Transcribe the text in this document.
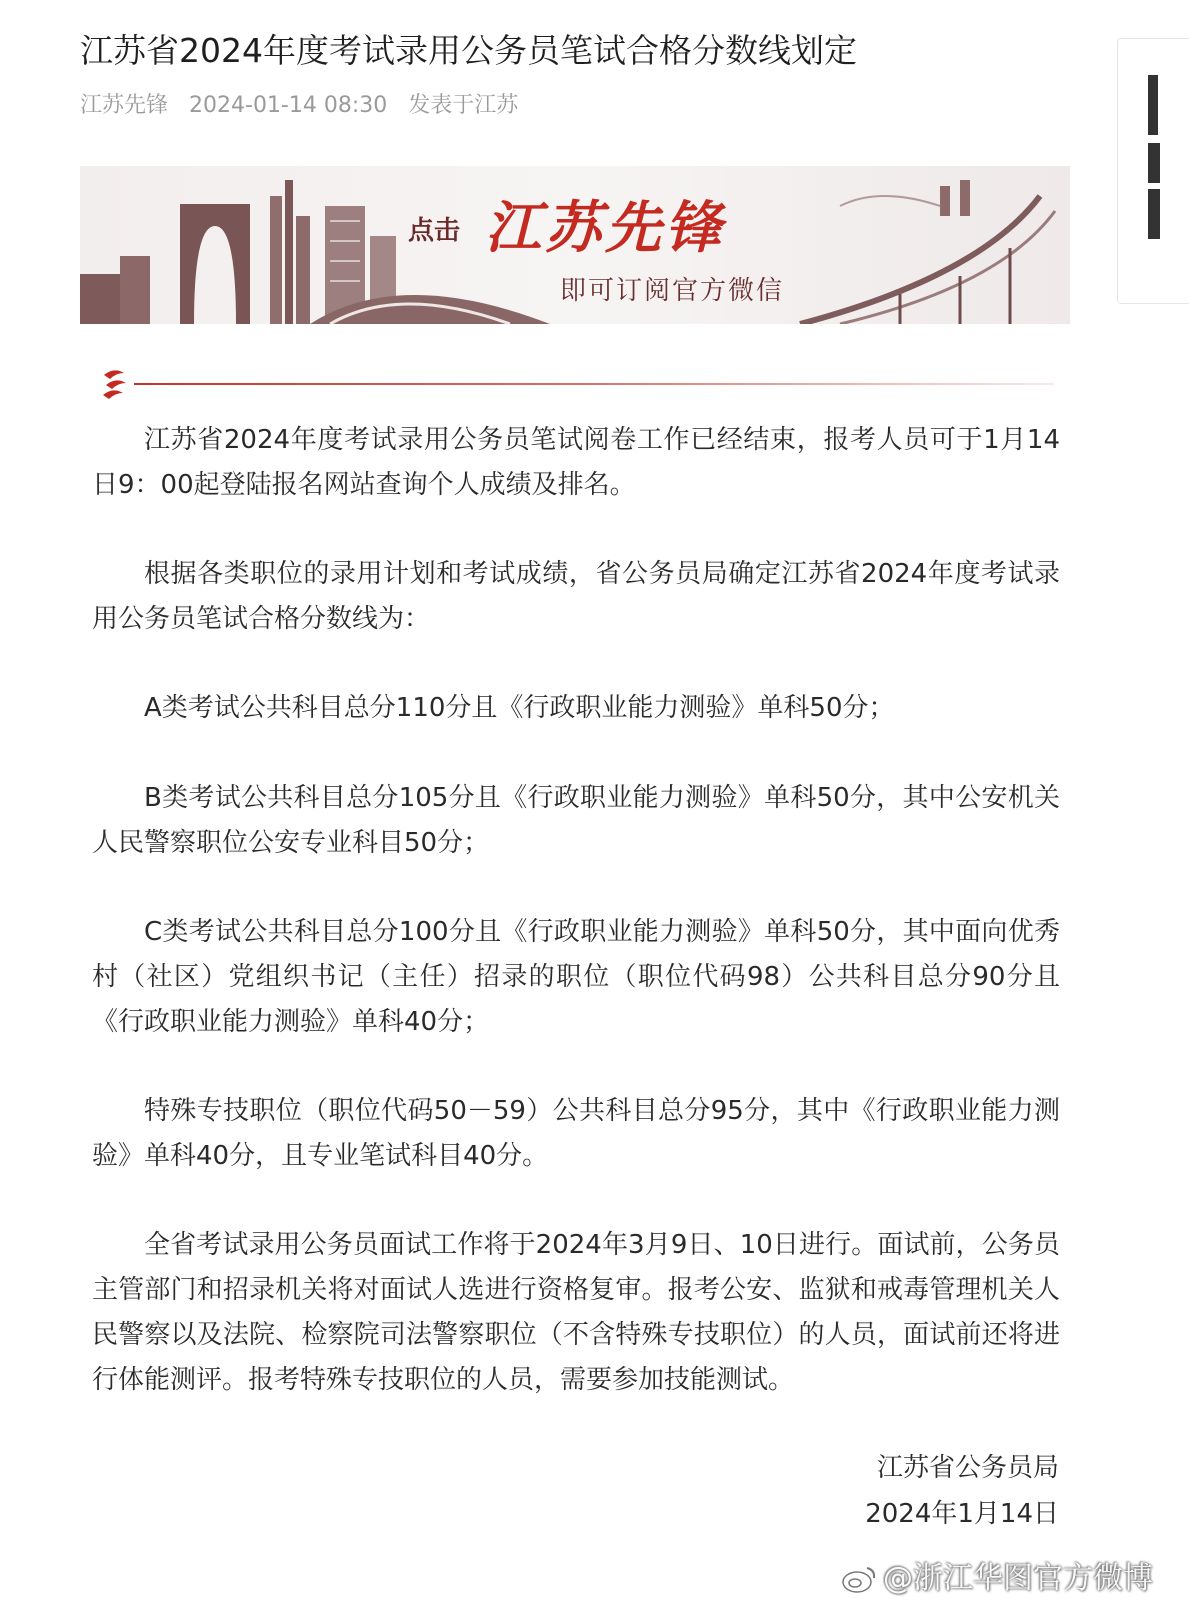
江苏省2024年度考试录用公务员笔试合格分数线划定
江苏先锋 2024-01-14 08:30 发表于江苏
点击 江苏先锋
即可订阅官方微信

江苏省2024年度考试录用公务员笔试阅卷工作已经结束，报考人员可于1月14日9：00起登陆报名网站查询个人成绩及排名。

根据各类职位的录用计划和考试成绩，省公务员局确定江苏省2024年度考试录用公务员笔试合格分数线为：

A类考试公共科目总分110分且《行政职业能力测验》单科50分；

B类考试公共科目总分105分且《行政职业能力测验》单科50分，其中公安机关人民警察职位公安专业科目50分；

C类考试公共科目总分100分且《行政职业能力测验》单科50分，其中面向优秀村（社区）党组织书记（主任）招录的职位（职位代码98）公共科目总分90分且《行政职业能力测验》单科40分；

特殊专技职位（职位代码50－59）公共科目总分95分，其中《行政职业能力测验》单科40分，且专业笔试科目40分。

全省考试录用公务员面试工作将于2024年3月9日、10日进行。面试前，公务员主管部门和招录机关将对面试人选进行资格复审。报考公安、监狱和戒毒管理机关人民警察以及法院、检察院司法警察职位（不含特殊专技职位）的人员，面试前还将进行体能测评。报考特殊专技职位的人员，需要参加技能测试。

江苏省公务员局
2024年1月14日
@浙江华图官方微博
